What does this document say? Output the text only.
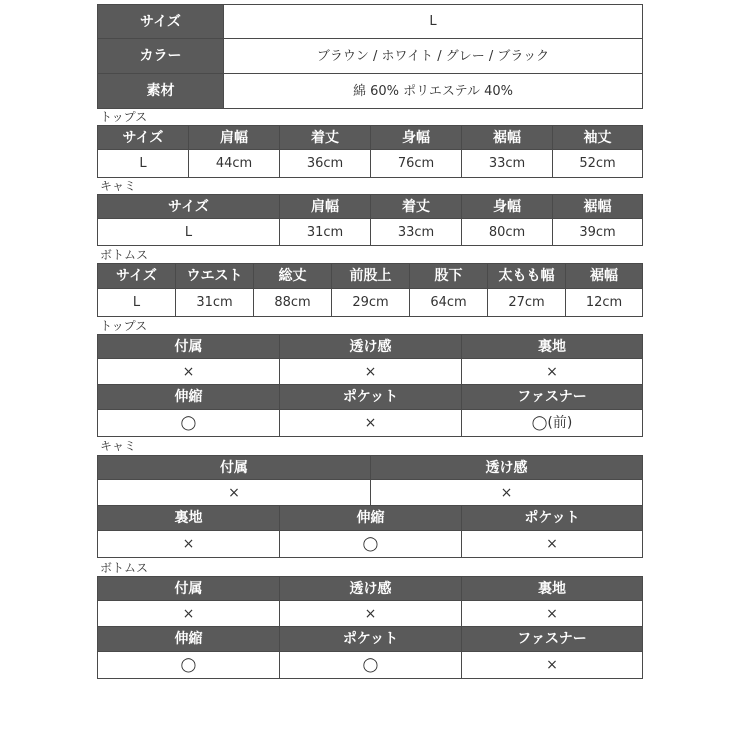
サイズ	L
カラー	ブラウン / ホワイト / グレー / ブラック
素材	綿 60% ポリエステル 40%
トップス
サイズ	肩幅	着丈	身幅	裾幅	袖丈
L	44cm	36cm	76cm	33cm	52cm
キャミ
サイズ	肩幅	着丈	身幅	裾幅
L	31cm	33cm	80cm	39cm
ボトムス
サイズ	ウエスト	総丈	前股上	股下	太もも幅	裾幅
L	31cm	88cm	29cm	64cm	27cm	12cm
トップス
付属	透け感	裏地
×	×	×
伸縮	ポケット	ファスナー
◯	×	◯(前)
キャミ
付属	透け感
×	×
裏地	伸縮	ポケット
×	◯	×
ボトムス
付属	透け感	裏地
×	×	×
伸縮	ポケット	ファスナー
◯	◯	×
